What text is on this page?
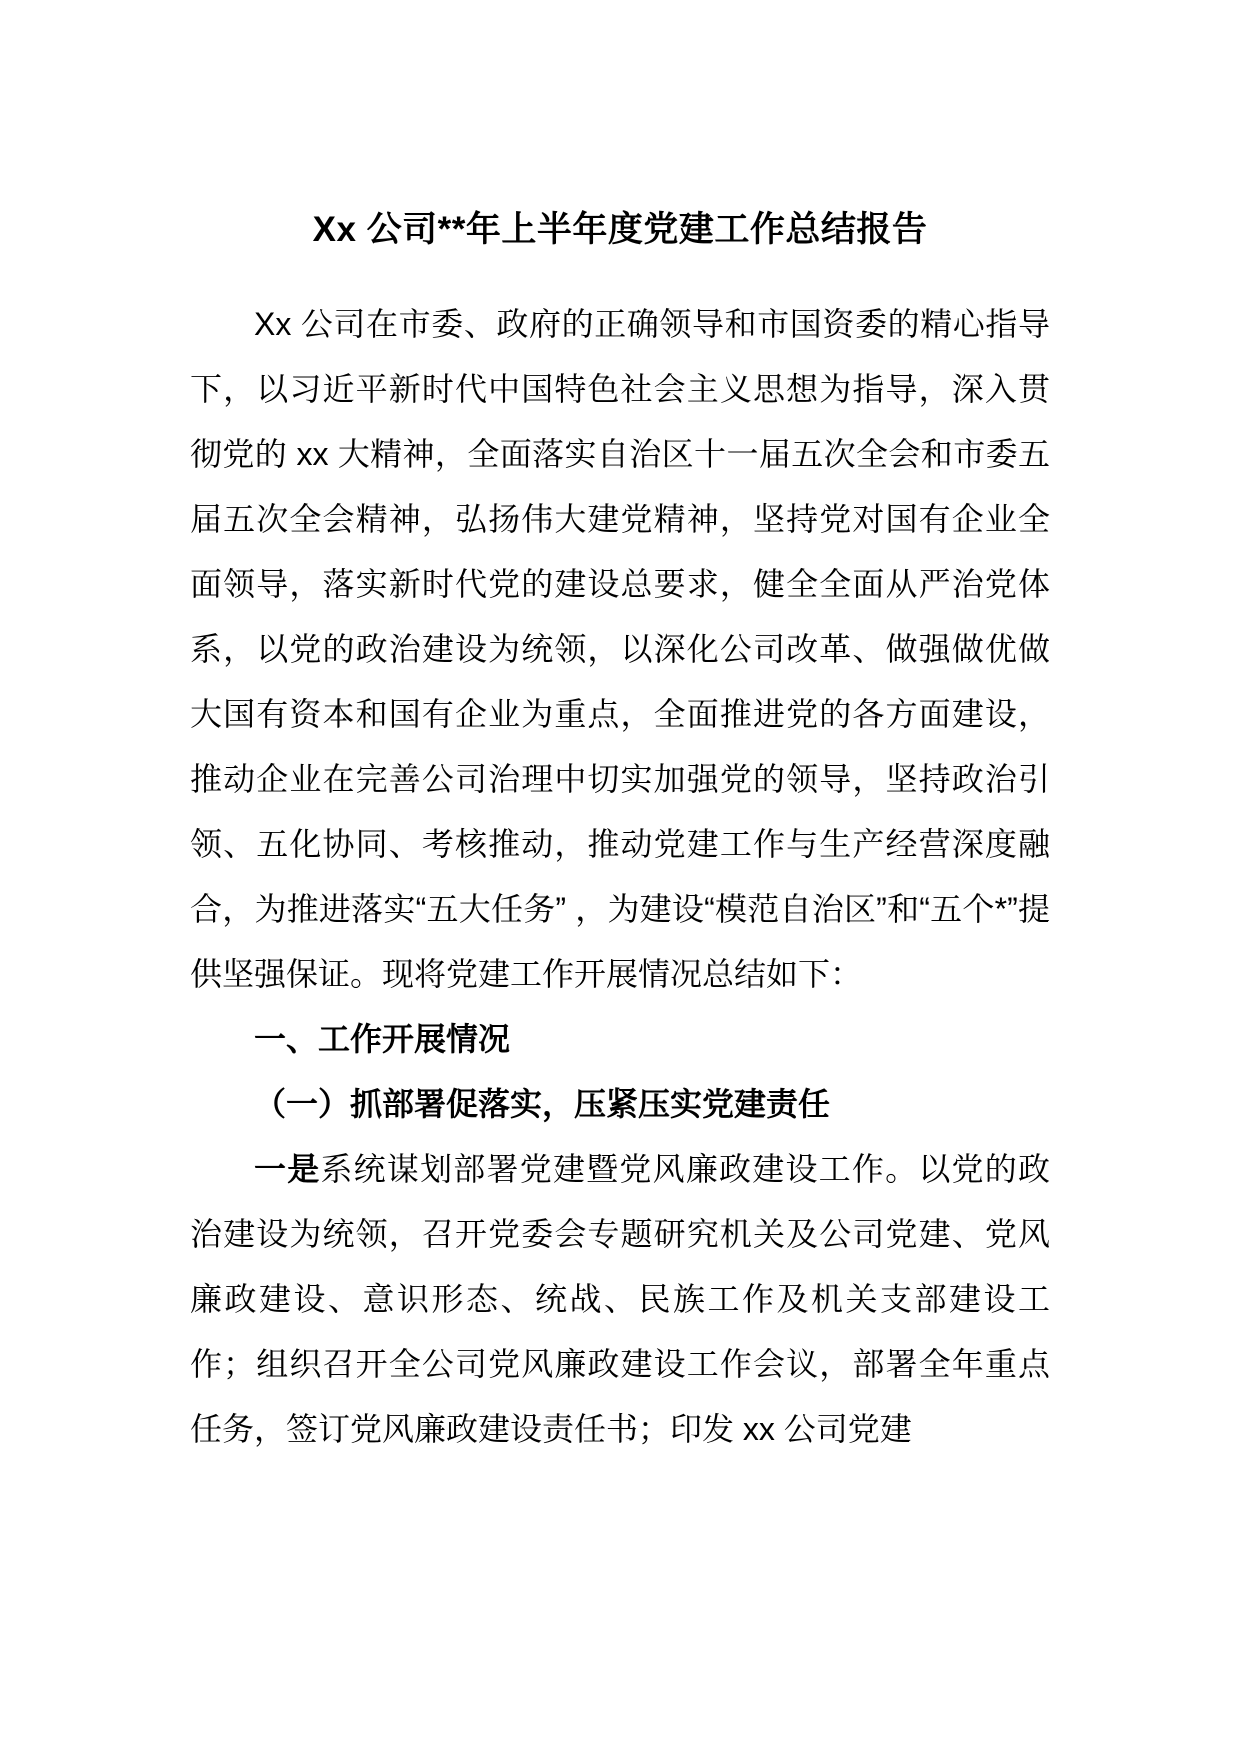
Xx 公司**年上半年度党建工作总结报告

Xx 公司在市委、政府的正确领导和市国资委的精心指导下，以习近平新时代中国特色社会主义思想为指导，深入贯彻党的 xx 大精神，全面落实自治区十一届五次全会和市委五届五次全会精神，弘扬伟大建党精神，坚持党对国有企业全面领导，落实新时代党的建设总要求，健全全面从严治党体系，以党的政治建设为统领，以深化公司改革、做强做优做大国有资本和国有企业为重点，全面推进党的各方面建设，推动企业在完善公司治理中切实加强党的领导，坚持政治引领、五化协同、考核推动，推动党建工作与生产经营深度融合，为推进落实“五大任务” ，为建设“模范自治区”和“五个*”提供坚强保证。现将党建工作开展情况总结如下：

一、工作开展情况
（一）抓部署促落实，压紧压实党建责任

一是系统谋划部署党建暨党风廉政建设工作。以党的政治建设为统领，召开党委会专题研究机关及公司党建、党风廉政建设、意识形态、统战、民族工作及机关支部建设工作；组织召开全公司党风廉政建设工作会议，部署全年重点任务，签订党风廉政建设责任书；印发 xx 公司党建
